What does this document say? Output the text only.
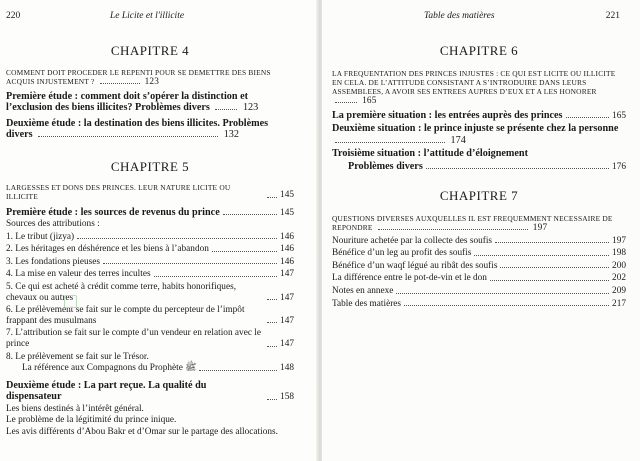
220	Le Licite et l'illicite
CHAPITRE 4
COMMENT DOIT PROCEDER LE REPENTI POUR SE DEMETTRE DES BIENS ACQUIS INJUSTEMENT ?	123
Première étude : comment doit s’opérer la distinction et l’exclusion des biens illicites? Problèmes divers	123
Deuxième étude : la destination des biens illicites. Problèmes divers	132
CHAPITRE 5
LARGESSES ET DONS DES PRINCES. LEUR NATURE LICITE OU ILLICITE	145
Première étude : les sources de revenus du prince	145
Sources des attributions :
1. Le tribut (jizya)	146
2. Les héritages en déshérence et les biens à l’abandon	146
3. Les fondations pieuses	146
4. La mise en valeur des terres incultes	147
5. Ce qui est acheté à crédit comme terre, habits honorifiques, chevaux ou autres	147
6. Le prélèvement se fait sur le compte du percepteur de l’impôt frappant des musulmans	147
7. L’attribution se fait sur le compte d’un vendeur en relation avec le prince	147
8. Le prélèvement se fait sur le Trésor.
La référence aux Compagnons du Prophète ﷺ	148
Deuxième étude : La part reçue. La qualité du dispensateur	158
Les biens destinés à l’intérêt général.
Le problème de la légitimité du prince inique.
Les avis différents d’Abou Bakr et d’Omar sur le partage des allocations.
Table des matières	221
CHAPITRE 6
LA FREQUENTATION DES PRINCES INJUSTES : CE QUI EST LICITE OU ILLICITE EN CELA. DE L’ATTITUDE CONSISTANT A S’INTRODUIRE DANS LEURS ASSEMBLEES, A AVOIR SES ENTREES AUPRES D’EUX ET A LES HONORER  165
La première situation : les entrées auprès des princes	165
Deuxième situation : le prince injuste se présente chez la personne  174
Troisième situation : l’attitude d’éloignement
Problèmes divers	176
CHAPITRE 7
QUESTIONS DIVERSES AUXQUELLES IL EST FREQUEMMENT NECESSAIRE DE REPONDRE	197
Nouriture achetée par la collecte des soufis	197
Bénéfice d’un leg au profit des soufis	198
Bénéfice d’un waqf légué au ribât des soufis	200
La différence entre le pot-de-vin et le don	202
Notes en annexe	209
Table des matières	217
